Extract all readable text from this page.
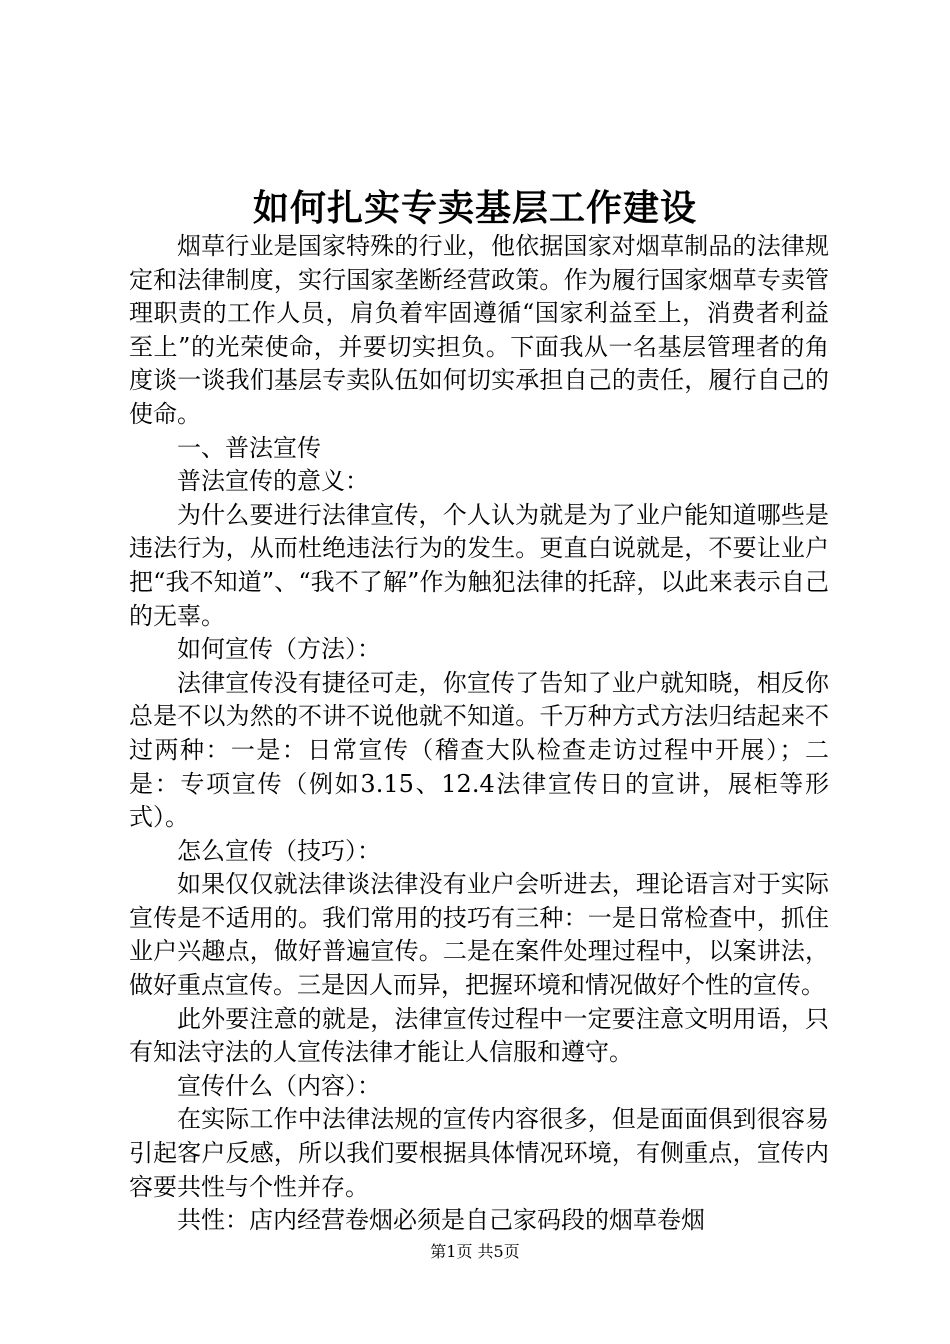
如何扎实专卖基层工作建设

烟草行业是国家特殊的行业，他依据国家对烟草制品的法律规定和法律制度，实行国家垄断经营政策。作为履行国家烟草专卖管理职责的工作人员，肩负着牢固遵循“国家利益至上，消费者利益至上”的光荣使命，并要切实担负。下面我从一名基层管理者的角度谈一谈我们基层专卖队伍如何切实承担自己的责任，履行自己的使命。

一、普法宣传

普法宣传的意义：

为什么要进行法律宣传，个人认为就是为了业户能知道哪些是违法行为，从而杜绝违法行为的发生。更直白说就是，不要让业户把“我不知道”、“我不了解”作为触犯法律的托辞，以此来表示自己的无辜。

如何宣传（方法）：

法律宣传没有捷径可走，你宣传了告知了业户就知晓，相反你总是不以为然的不讲不说他就不知道。千万种方式方法归结起来不过两种：一是：日常宣传（稽查大队检查走访过程中开展）；二是：专项宣传（例如3.15、12.4法律宣传日的宣讲，展柜等形式）。

怎么宣传（技巧）：

如果仅仅就法律谈法律没有业户会听进去，理论语言对于实际宣传是不适用的。我们常用的技巧有三种：一是日常检查中，抓住业户兴趣点，做好普遍宣传。二是在案件处理过程中，以案讲法，做好重点宣传。三是因人而异，把握环境和情况做好个性的宣传。

此外要注意的就是，法律宣传过程中一定要注意文明用语，只有知法守法的人宣传法律才能让人信服和遵守。

宣传什么（内容）：

在实际工作中法律法规的宣传内容很多，但是面面俱到很容易引起客户反感，所以我们要根据具体情况环境，有侧重点，宣传内容要共性与个性并存。

共性：店内经营卷烟必须是自己家码段的烟草卷烟

第1页 共5页
